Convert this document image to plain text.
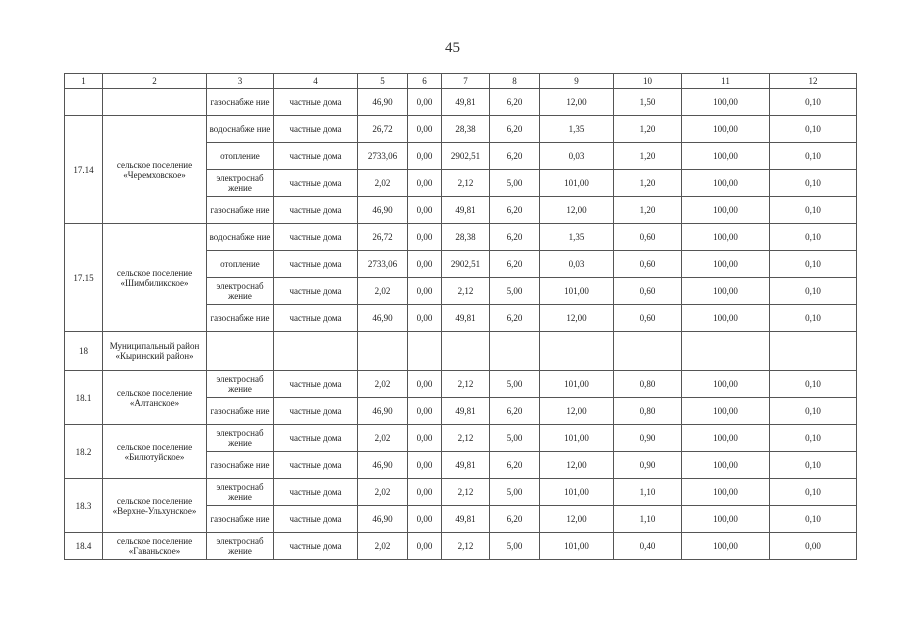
45
1	2	3	4	5	6	7	8	9	10	11	12
		газоснабже ние	частные дома	46,90	0,00	49,81	6,20	12,00	1,50	100,00	0,10
17.14	сельское поселение «Черемховское»	водоснабже ние	частные дома	26,72	0,00	28,38	6,20	1,35	1,20	100,00	0,10
		отопление	частные дома	2733,06	0,00	2902,51	6,20	0,03	1,20	100,00	0,10
		электроснаб жение	частные дома	2,02	0,00	2,12	5,00	101,00	1,20	100,00	0,10
		газоснабже ние	частные дома	46,90	0,00	49,81	6,20	12,00	1,20	100,00	0,10
17.15	сельское поселение «Шимбиликское»	водоснабже ние	частные дома	26,72	0,00	28,38	6,20	1,35	0,60	100,00	0,10
		отопление	частные дома	2733,06	0,00	2902,51	6,20	0,03	0,60	100,00	0,10
		электроснаб жение	частные дома	2,02	0,00	2,12	5,00	101,00	0,60	100,00	0,10
		газоснабже ние	частные дома	46,90	0,00	49,81	6,20	12,00	0,60	100,00	0,10
18	Муниципальный район «Кыринский район»										
18.1	сельское поселение «Алтанское»	электроснаб жение	частные дома	2,02	0,00	2,12	5,00	101,00	0,80	100,00	0,10
		газоснабже ние	частные дома	46,90	0,00	49,81	6,20	12,00	0,80	100,00	0,10
18.2	сельское поселение «Билютуйское»	электроснаб жение	частные дома	2,02	0,00	2,12	5,00	101,00	0,90	100,00	0,10
		газоснабже ние	частные дома	46,90	0,00	49,81	6,20	12,00	0,90	100,00	0,10
18.3	сельское поселение «Верхне-Ульхунское»	электроснаб жение	частные дома	2,02	0,00	2,12	5,00	101,00	1,10	100,00	0,10
		газоснабже ние	частные дома	46,90	0,00	49,81	6,20	12,00	1,10	100,00	0,10
18.4	сельское поселение «Гаваньское»	электроснаб жение	частные дома	2,02	0,00	2,12	5,00	101,00	0,40	100,00	0,00
